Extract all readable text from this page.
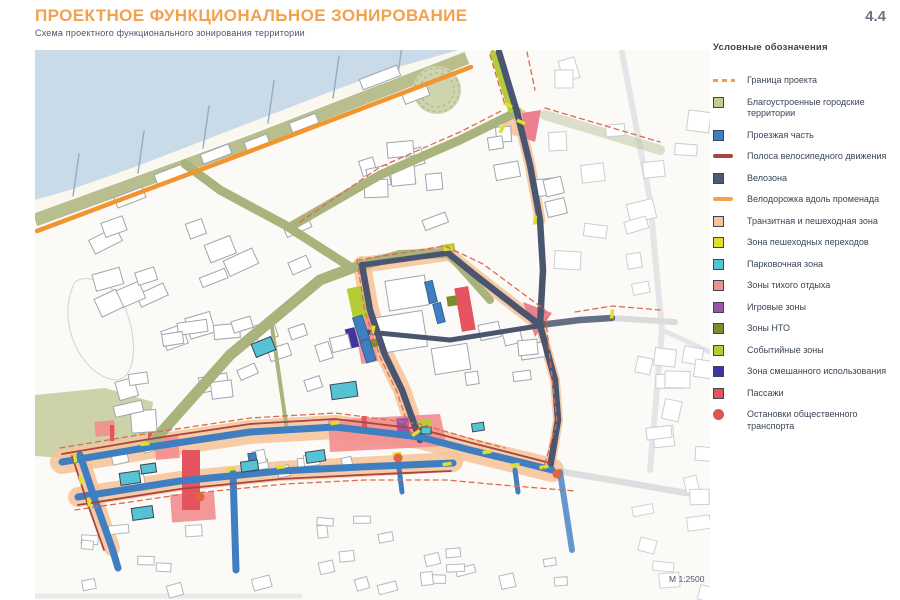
ПРОЕКТНОЕ ФУНКЦИОНАЛЬНОЕ ЗОНИРОВАНИЕ
Схема проектного функционального зонирования территории
4.4
М 1:2500
Условные обозначения
Граница проекта
Благоустроенные городские территории
Проезжая часть
Полоса велосипедного движения
Велозона
Велодорожка вдоль променада
Транзитная и пешеходная зона
Зона пешеходных переходов
Парковочная зона
Зоны тихого отдыха
Игровые зоны
Зоны НТО
Событийные зоны
Зона смешанного использования
Пассажи
Остановки общественного транспорта
